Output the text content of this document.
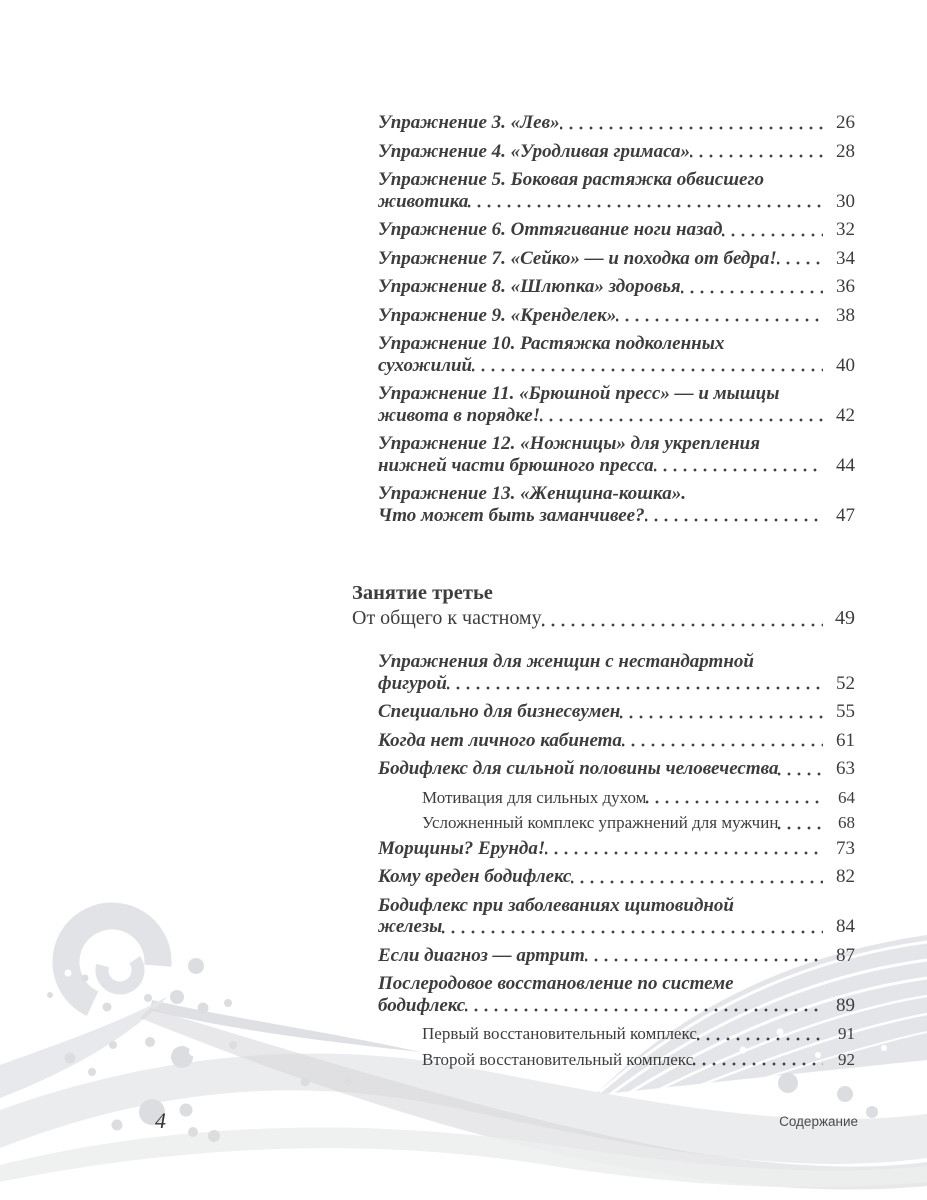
Упражнение 3. «Лев»	26
Упражнение 4. «Уродливая гримаса»	28
Упражнение 5. Боковая растяжка обвисшего
животика	30
Упражнение 6. Оттягивание ноги назад	32
Упражнение 7. «Сейко» — и походка от бедра!	34
Упражнение 8. «Шлюпка» здоровья	36
Упражнение 9. «Кренделек»	38
Упражнение 10. Растяжка подколенных
сухожилий	40
Упражнение 11. «Брюшной пресс» — и мышцы
живота в порядке!	42
Упражнение 12. «Ножницы» для укрепления
нижней части брюшного пресса	44
Упражнение 13. «Женщина-кошка».
Что может быть заманчивее?	47
Занятие третье
От общего к частному	49
Упражнения для женщин с нестандартной
фигурой	52
Специально для бизнесвумен	55
Когда нет личного кабинета	61
Бодифлекс для сильной половины человечества	63
Мотивация для сильных духом	64
Усложненный комплекс упражнений для мужчин	68
Морщины? Ерунда!	73
Кому вреден бодифлекс	82
Бодифлекс при заболеваниях щитовидной
железы	84
Если диагноз — артрит	87
Послеродовое восстановление по системе
бодифлекс	89
Первый восстановительный комплекс	91
Второй восстановительный комплекс	92
4	Содержание
